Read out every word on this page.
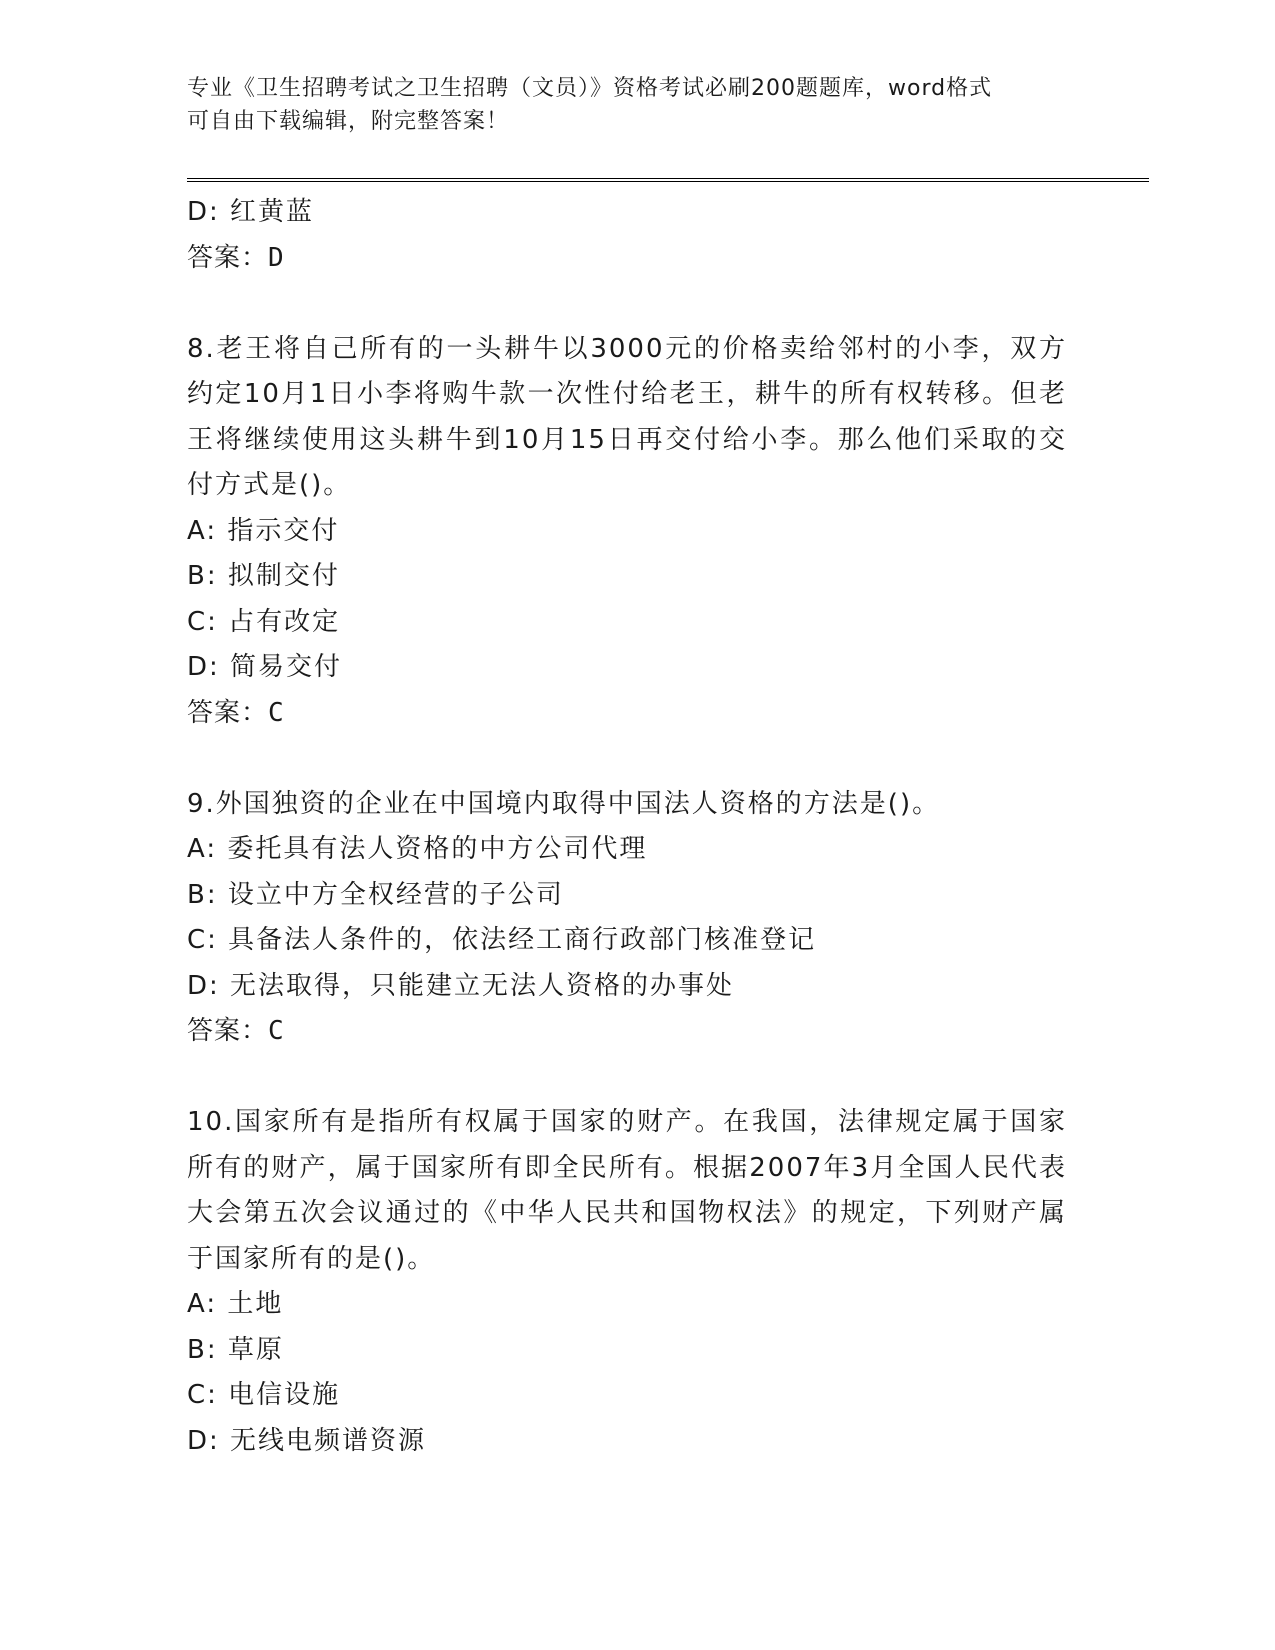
专业《卫生招聘考试之卫生招聘（文员）》资格考试必刷200题题库，word格式
可自由下载编辑，附完整答案！
D: 红黄蓝
答案：D
8.老王将自己所有的一头耕牛以3000元的价格卖给邻村的小李，双方约定10月1日小李将购牛款一次性付给老王，耕牛的所有权转移。但老王将继续使用这头耕牛到10月15日再交付给小李。那么他们采取的交付方式是()。
A: 指示交付
B: 拟制交付
C: 占有改定
D: 简易交付
答案：C
9.外国独资的企业在中国境内取得中国法人资格的方法是()。
A: 委托具有法人资格的中方公司代理
B: 设立中方全权经营的子公司
C: 具备法人条件的，依法经工商行政部门核准登记
D: 无法取得，只能建立无法人资格的办事处
答案：C
10.国家所有是指所有权属于国家的财产。在我国，法律规定属于国家所有的财产，属于国家所有即全民所有。根据2007年3月全国人民代表大会第五次会议通过的《中华人民共和国物权法》的规定，下列财产属于国家所有的是()。
A: 土地
B: 草原
C: 电信设施
D: 无线电频谱资源
